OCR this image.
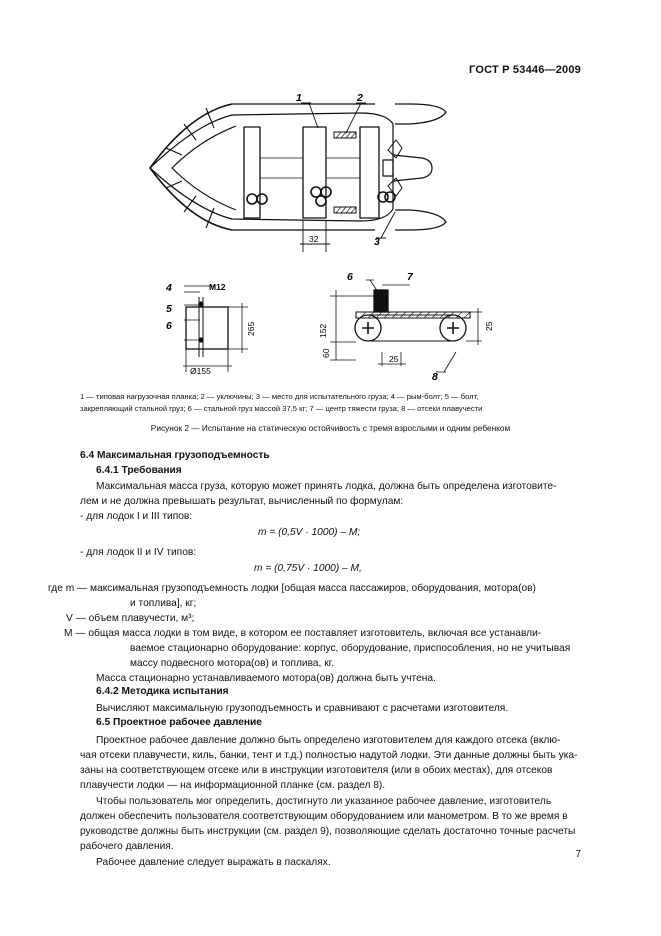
ГОСТ Р 53446—2009
1	2
3
32
4
5
6
M12
265
Ø155
6	7
152
60
25
25
8
1 — типовая нагрузочная планка; 2 — уключины; 3 — место для испытательного груза; 4 — рым-болт; 5 — болт,
закрепляющий стальной груз; 6 — стальной груз массой 37,5 кг; 7 — центр тяжести груза; 8 — отсеки плавучести
Рисунок 2 — Испытание на статическую остойчивость с тремя взрослыми и одним ребенком
6.4 Максимальная грузоподъемность
6.4.1 Требования
Максимальная масса груза, которую может принять лодка, должна быть определена изготовите-
лем и не должна превышать результат, вычисленный по формулам:
- для лодок I и III типов:
m = (0,5V · 1000) – M;
- для лодок II и IV типов:
m = (0,75V · 1000) – M,
где m — максимальная грузоподъемность лодки [общая масса пассажиров, оборудования, мотора(ов)
и топлива], кг;
V — объем плавучести, м³;
M — общая масса лодки в том виде, в котором ее поставляет изготовитель, включая все устанавли-
ваемое стационарно оборудование: корпус, оборудование, приспособления, но не учитывая
массу подвесного мотора(ов) и топлива, кг.
Масса стационарно устанавливаемого мотора(ов) должна быть учтена.
6.4.2 Методика испытания
Вычисляют максимальную грузоподъемность и сравнивают с расчетами изготовителя.
6.5 Проектное рабочее давление
Проектное рабочее давление должно быть определено изготовителем для каждого отсека (вклю-
чая отсеки плавучести, киль, банки, тент и т.д.) полностью надутой лодки. Эти данные должны быть ука-
заны на соответствующем отсеке или в инструкции изготовителя (или в обоих местах), для отсеков
плавучести лодки — на информационной планке (см. раздел 8).
Чтобы пользователь мог определить, достигнуто ли указанное рабочее давление, изготовитель
должен обеспечить пользователя соответствующим оборудованием или манометром. В то же время в
руководстве должны быть инструкции (см. раздел 9), позволяющие сделать достаточно точные расчеты
рабочего давления.
Рабочее давление следует выражать в паскалях.
7
